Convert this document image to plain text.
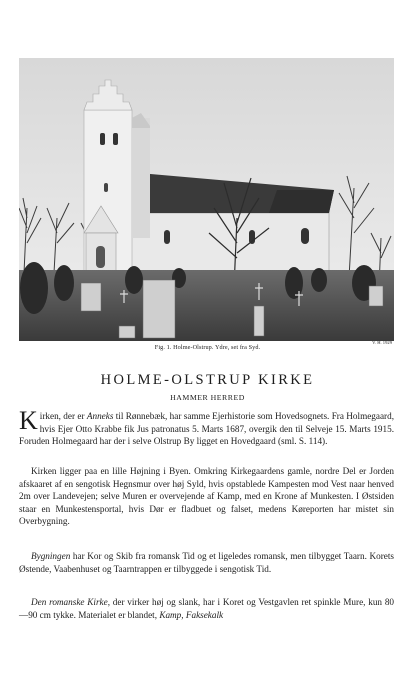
Fig. 1. Holme-Olstrup. Ydre, set fra Syd.
V. H. 1929
HOLME-OLSTRUP KIRKE
HAMMER HERRED
Kirken, der er Anneks til Rønnebæk, har samme Ejerhistorie som Hovedsognets. Fra Holmegaard, hvis Ejer Otto Krabbe fik Jus patronatus 5. Marts 1687, overgik den til Selveje 15. Marts 1915. Foruden Holmegaard har der i selve Olstrup By ligget en Hovedgaard (sml. S. 114).

Kirken ligger paa en lille Højning i Byen. Omkring Kirkegaardens gamle, nordre Del er Jorden afskaaret af en sengotisk Hegnsmur over høj Syld, hvis opstablede Kampesten mod Vest naar henved 2m over Landevejen; selve Muren er overvejende af Kamp, med en Krone af Munkesten. I Østsiden staar en Munkestensportal, hvis Dør er fladbuet og falset, medens Køreporten har mistet sin Overbygning.

Bygningen har Kor og Skib fra romansk Tid og et ligeledes romansk, men tilbygget Taarn. Korets Østende, Vaabenhuset og Taarntrappen er tilbyggede i sengotisk Tid.

Den romanske Kirke, der virker høj og slank, har i Koret og Vestgavlen ret spinkle Mure, kun 80—90 cm tykke. Materialet er blandet, Kamp, Faksekalk
